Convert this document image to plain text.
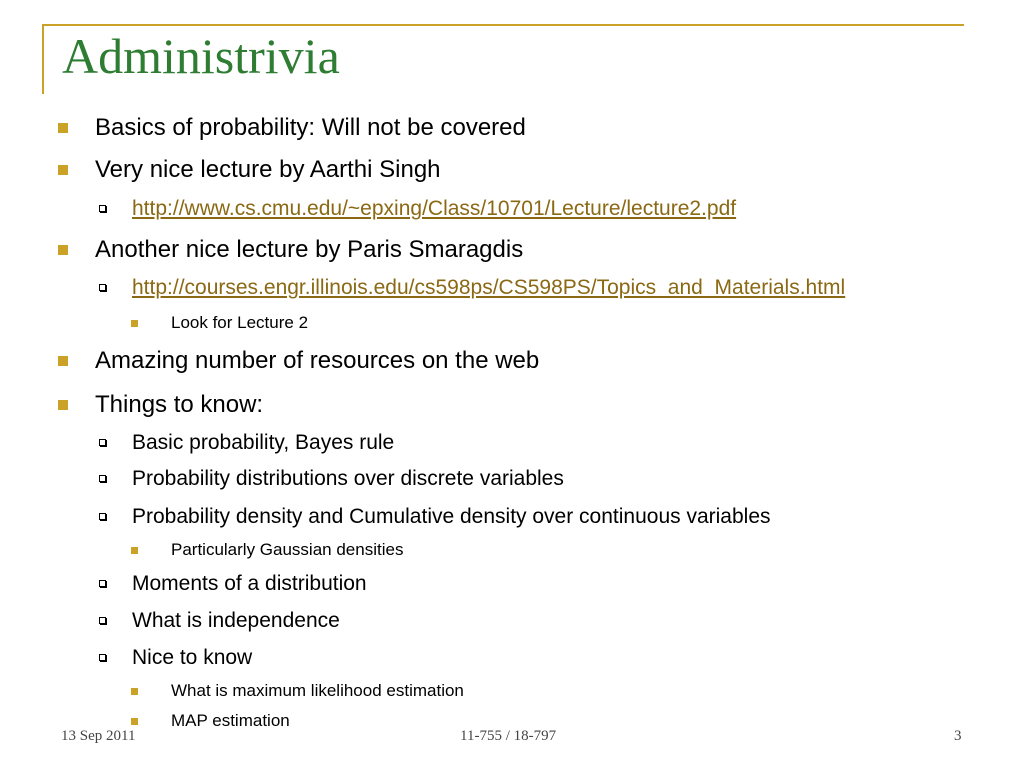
Administrivia
Basics of probability: Will not be covered
Very nice lecture by Aarthi Singh
http://www.cs.cmu.edu/~epxing/Class/10701/Lecture/lecture2.pdf
Another nice lecture by Paris Smaragdis
http://courses.engr.illinois.edu/cs598ps/CS598PS/Topics_and_Materials.html
Look for Lecture 2
Amazing number of resources on the web
Things to know:
Basic probability, Bayes rule
Probability distributions over discrete variables
Probability density and Cumulative density over continuous variables
Particularly Gaussian densities
Moments of a distribution
What is independence
Nice to know
What is maximum likelihood estimation
MAP estimation
13 Sep 2011	11-755 / 18-797	3
